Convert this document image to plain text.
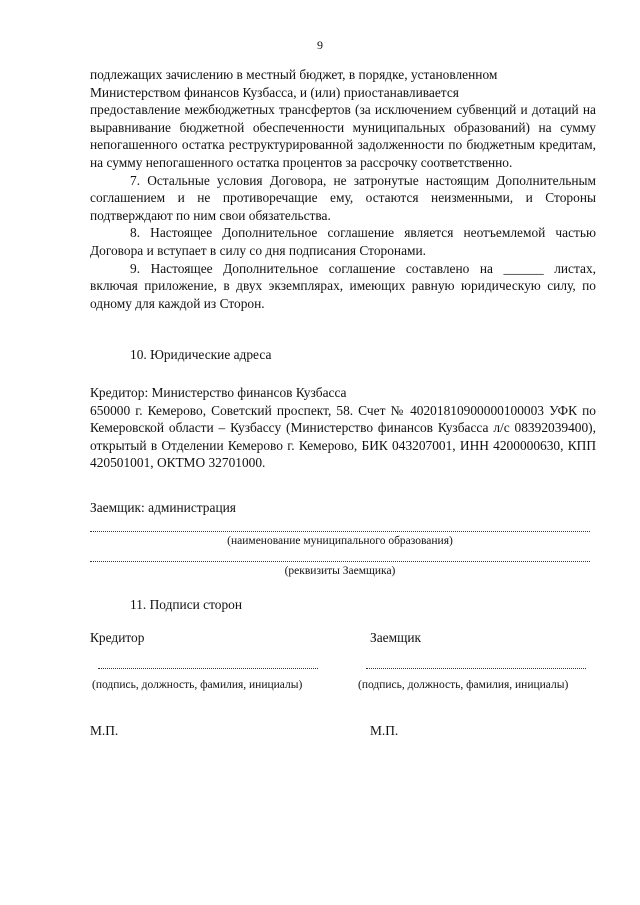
9

подлежащих зачислению в местный бюджет, в порядке, установленном

Министерством финансов Кузбасса, и (или) приостанавливается

предоставление межбюджетных трансфертов (за исключением субвенций и дотаций на выравнивание бюджетной обеспеченности муниципальных образований) на сумму непогашенного остатка реструктурированной задолженности по бюджетным кредитам, на сумму непогашенного остатка процентов за рассрочку соответственно.

7. Остальные условия Договора, не затронутые настоящим Дополнительным соглашением и не противоречащие ему, остаются неизменными, и Стороны подтверждают по ним свои обязательства.

8. Настоящее Дополнительное соглашение является неотъемлемой частью Договора и вступает в силу со дня подписания Сторонами.

9. Настоящее Дополнительное соглашение составлено на ______ листах, включая приложение, в двух экземплярах, имеющих равную юридическую силу, по одному для каждой из Сторон.

10. Юридические адреса

Кредитор: Министерство финансов Кузбасса

650000 г. Кемерово, Советский проспект, 58. Счет № 40201810900000100003 УФК по Кемеровской области – Кузбассу (Министерство финансов Кузбасса л/с 08392039400), открытый в Отделении Кемерово г. Кемерово, БИК 043207001, ИНН 4200000630, КПП 420501001, ОКТМО 32701000.

Заемщик: администрация
(наименование муниципального образования)
(реквизиты Заемщика)
11. Подписи сторон
Кредитор	Заемщик
(подпись, должность, фамилия, инициалы)	(подпись, должность, фамилия, инициалы)
М.П.	М.П.
